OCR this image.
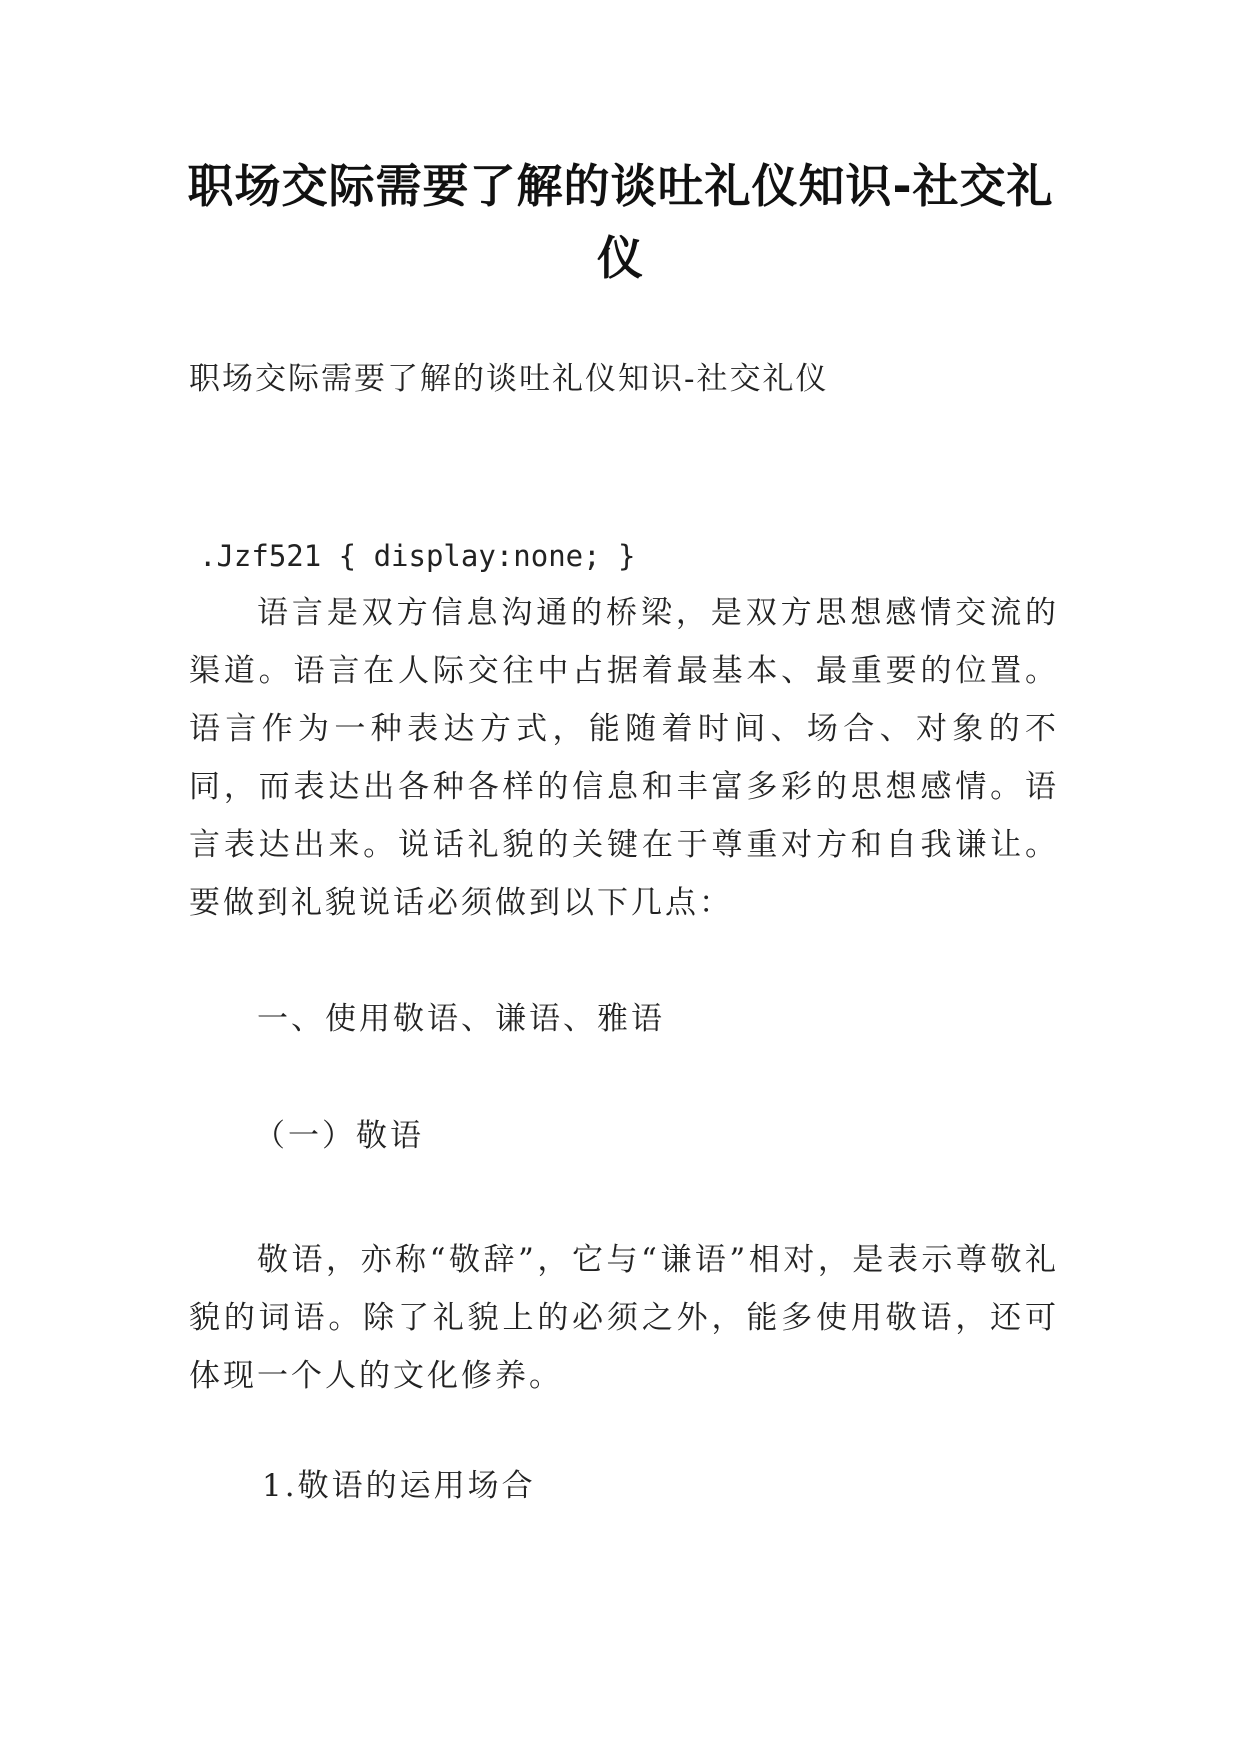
职场交际需要了解的谈吐礼仪知识-社交礼仪
职场交际需要了解的谈吐礼仪知识-社交礼仪
.Jzf521 { display:none; }
语言是双方信息沟通的桥梁，是双方思想感情交流的渠道。语言在人际交往中占据着最基本、最重要的位置。语言作为一种表达方式，能随着时间、场合、对象的不同，而表达出各种各样的信息和丰富多彩的思想感情。语言表达出来。说话礼貌的关键在于尊重对方和自我谦让。要做到礼貌说话必须做到以下几点：
一、使用敬语、谦语、雅语
（一）敬语
敬语，亦称“敬辞”，它与“谦语”相对，是表示尊敬礼貌的词语。除了礼貌上的必须之外，能多使用敬语，还可体现一个人的文化修养。
1.敬语的运用场合
